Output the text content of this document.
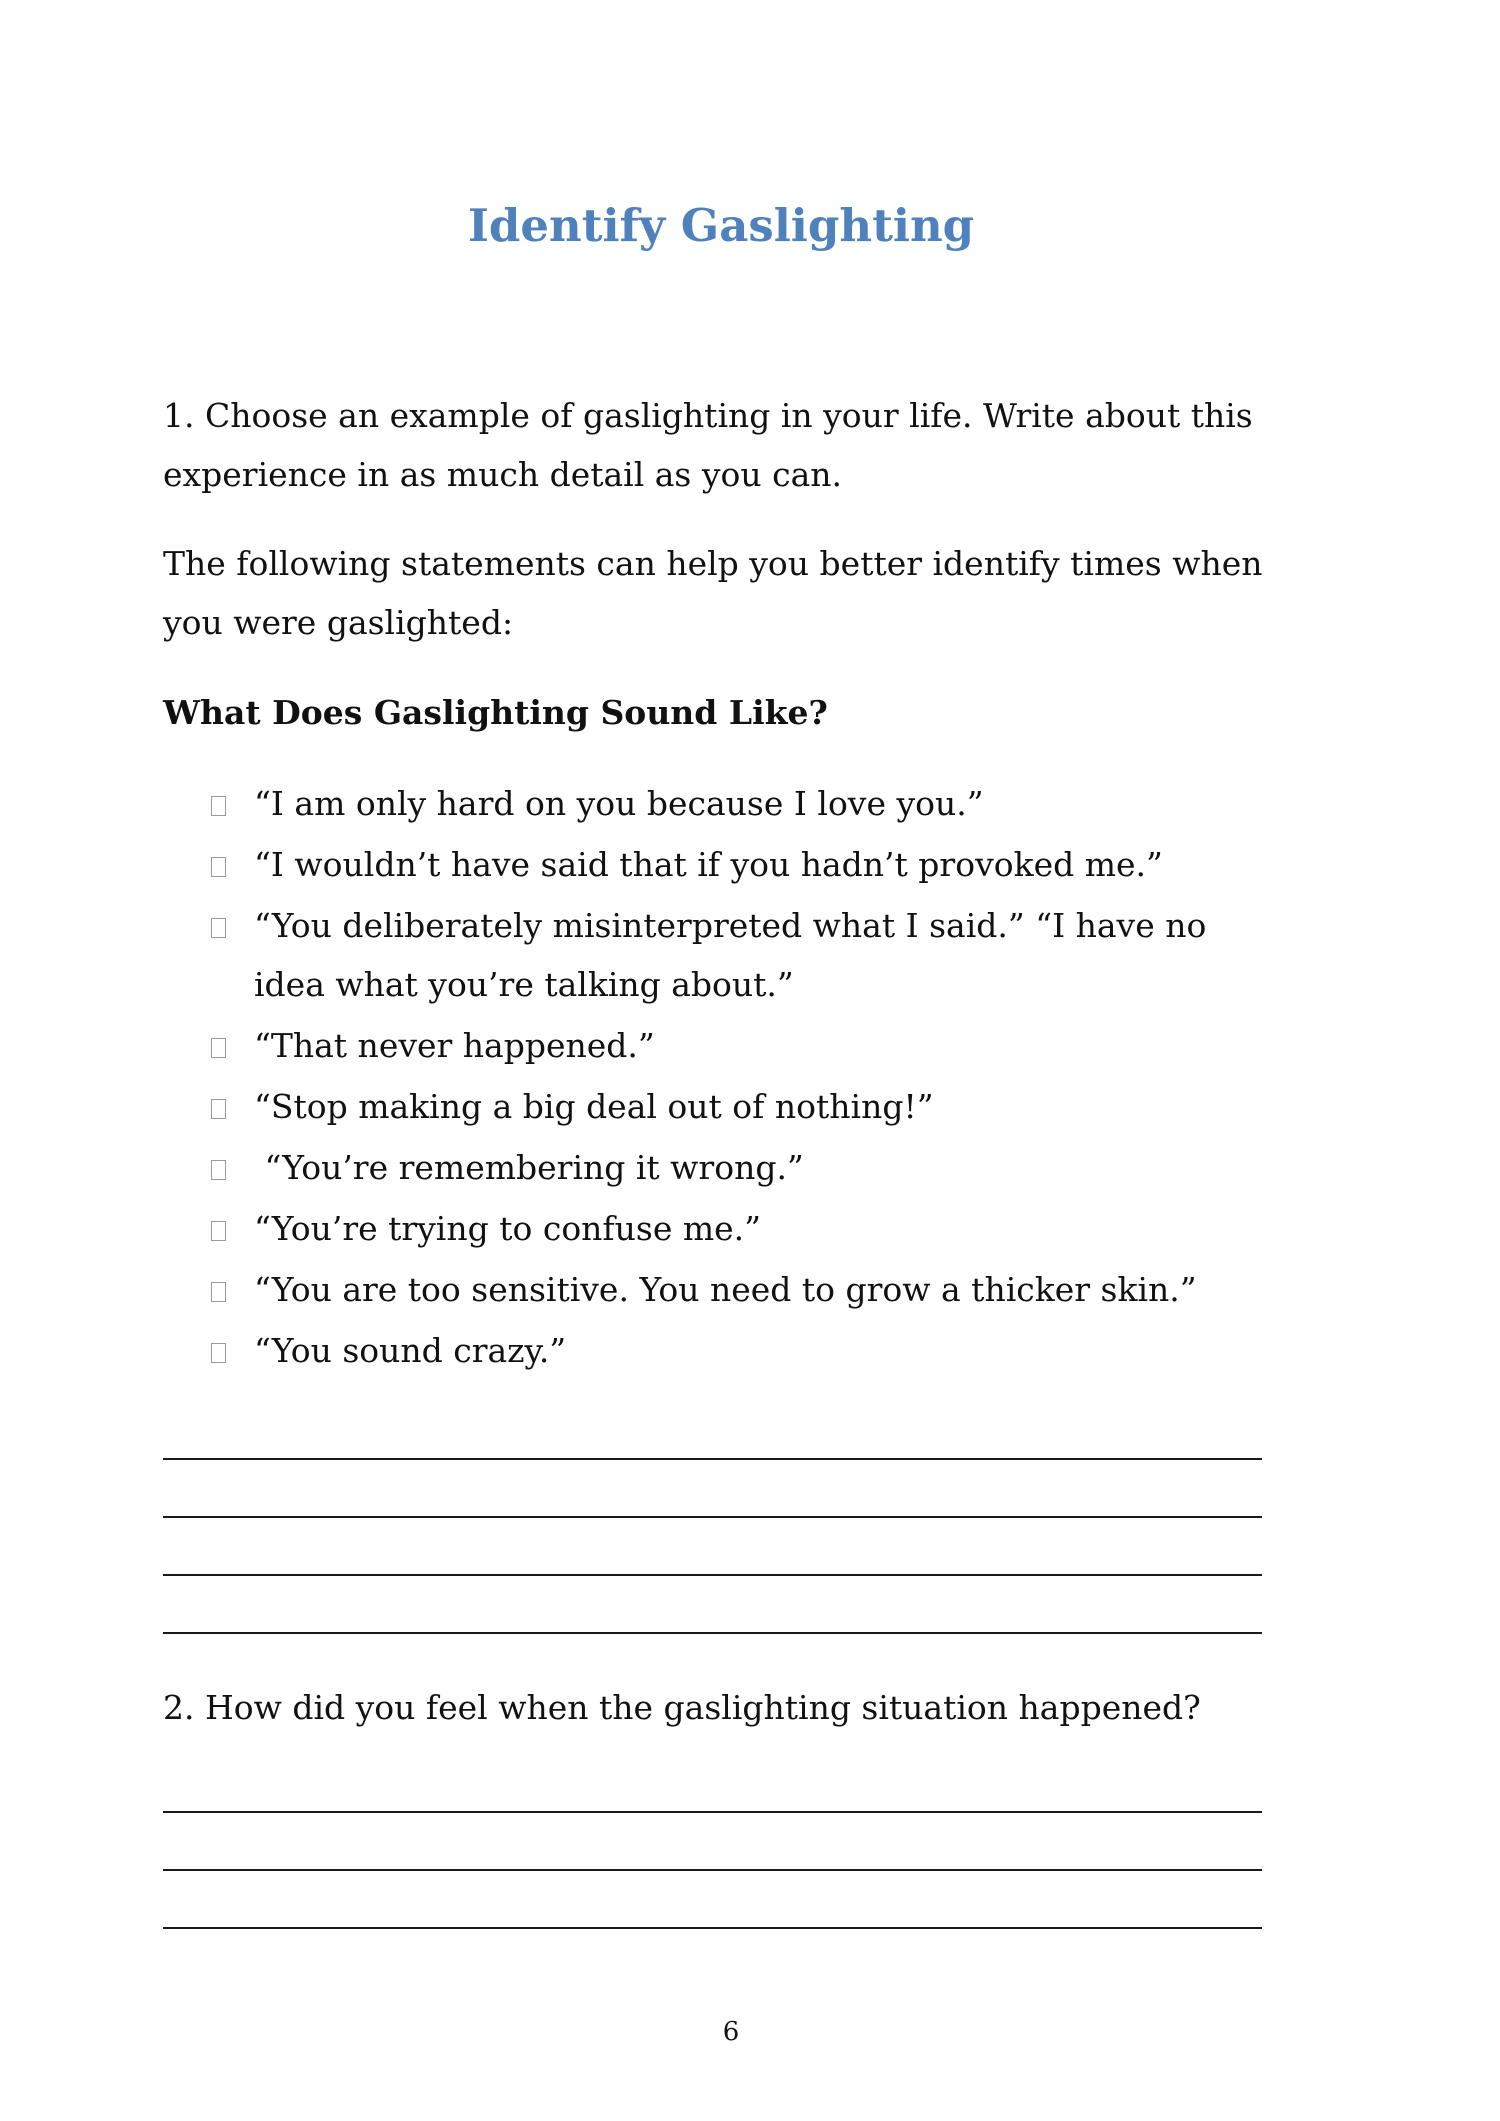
Identify Gaslighting

1. Choose an example of gaslighting in your life. Write about this experience in as much detail as you can.

The following statements can help you better identify times when you were gaslighted:

What Does Gaslighting Sound Like?
“I am only hard on you because I love you.”
“I wouldn’t have said that if you hadn’t provoked me.”
“You deliberately misinterpreted what I said.” “I have no idea what you’re talking about.”
“That never happened.”
“Stop making a big deal out of nothing!”
“You’re remembering it wrong.”
“You’re trying to confuse me.”
“You are too sensitive. You need to grow a thicker skin.”
“You sound crazy.”

2. How did you feel when the gaslighting situation happened?

6
